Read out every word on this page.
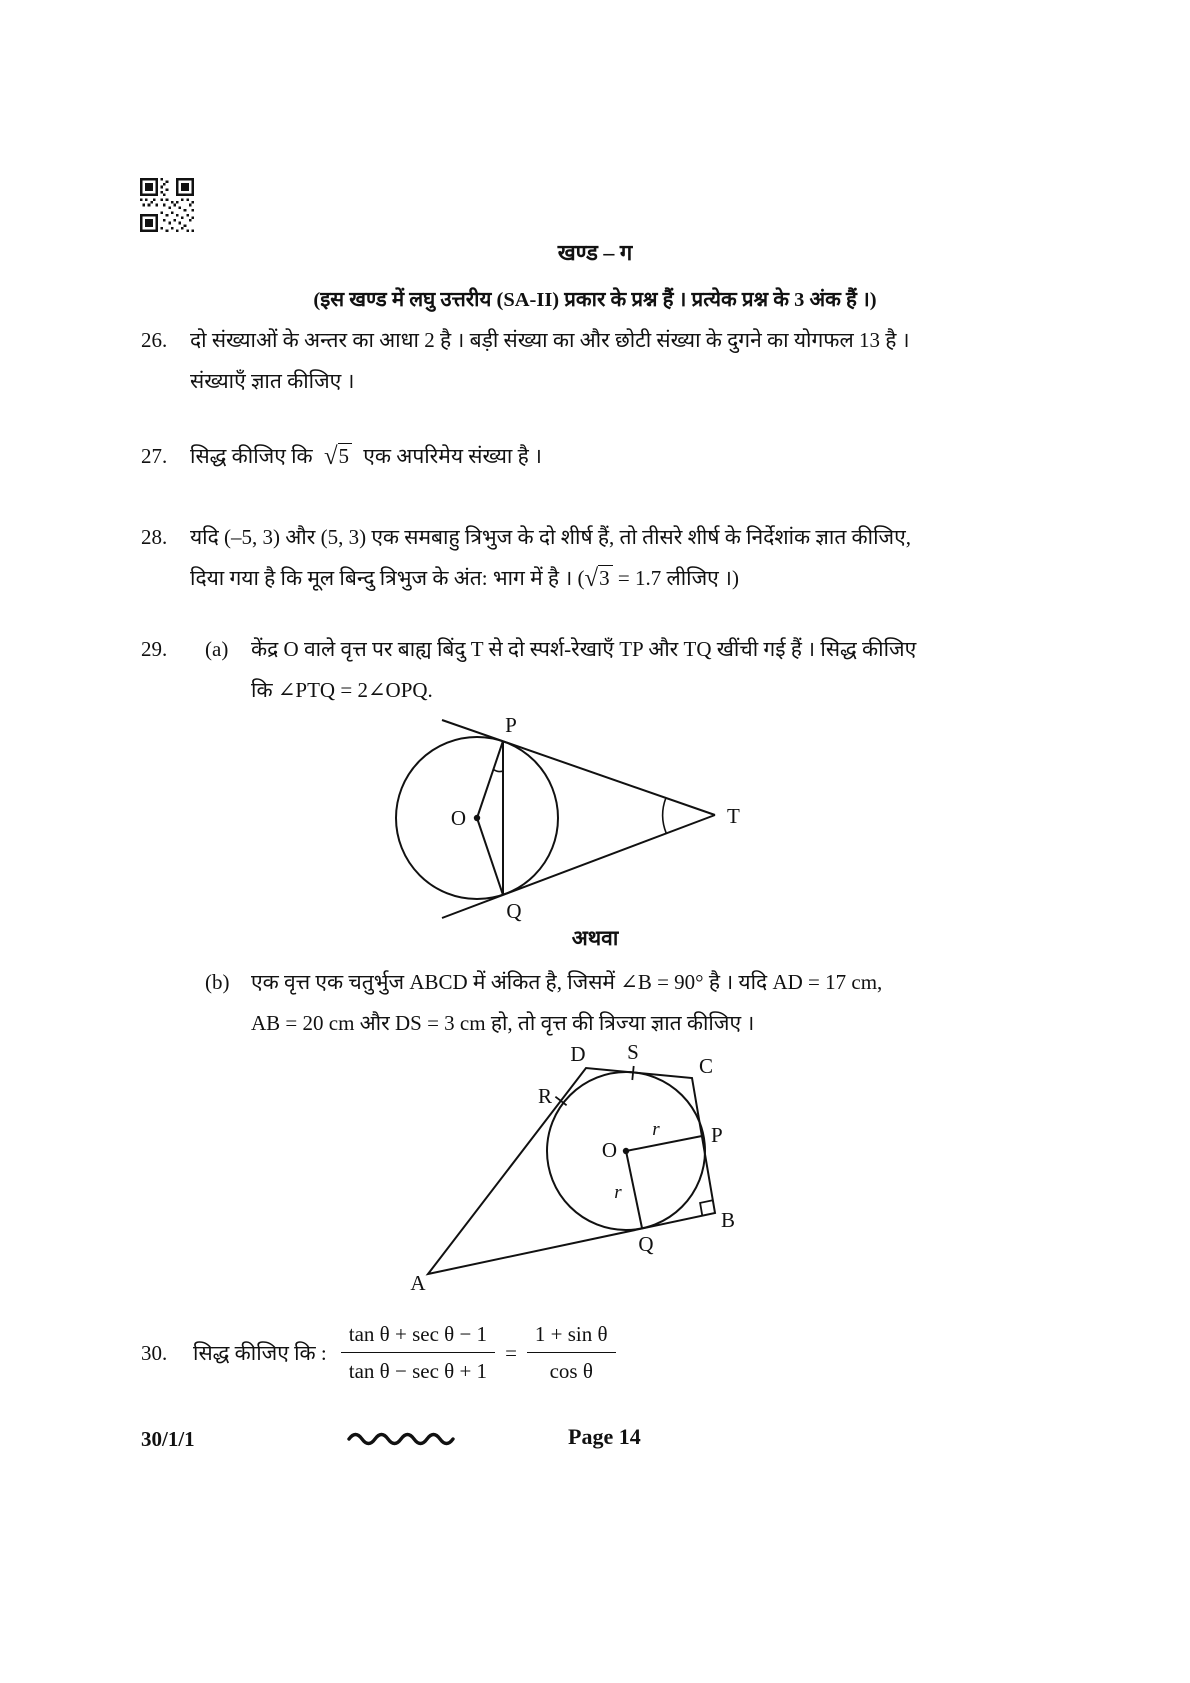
खण्ड – ग
(इस खण्ड में लघु उत्तरीय (SA-II) प्रकार के प्रश्न हैं । प्रत्येक प्रश्न के 3 अंक हैं ।)
26.	दो संख्याओं के अन्तर का आधा 2 है । बड़ी संख्या का और छोटी संख्या के दुगने का योगफल 13 है ।
संख्याएँ ज्ञात कीजिए ।
27.	सिद्ध कीजिए कि √5 एक अपरिमेय संख्या है ।
28.	यदि (–5, 3) और (5, 3) एक समबाहु त्रिभुज के दो शीर्ष हैं, तो तीसरे शीर्ष के निर्देशांक ज्ञात कीजिए,
दिया गया है कि मूल बिन्दु त्रिभुज के अंत: भाग में है । (√3 = 1.7 लीजिए ।)
29.	(a) केंद्र O वाले वृत्त पर बाह्य बिंदु T से दो स्पर्श-रेखाएँ TP और TQ खींची गई हैं । सिद्ध कीजिए
कि ∠PTQ = 2∠OPQ.
P
O	T
Q
अथवा
(b) एक वृत्त एक चतुर्भुज ABCD में अंकित है, जिसमें ∠B = 90° है । यदि AD = 17 cm,
AB = 20 cm और DS = 3 cm हो, तो वृत्त की त्रिज्या ज्ञात कीजिए ।
D S
C
R
P
O
B
Q
A
r
r
30.	सिद्ध कीजिए कि : $\frac{\text{tan θ + sec θ − 1}}{\text{tan θ − sec θ + 1}} = \frac{\text{1 + sin θ}}{\text{cos θ}}$
30/1/1	Page 14
